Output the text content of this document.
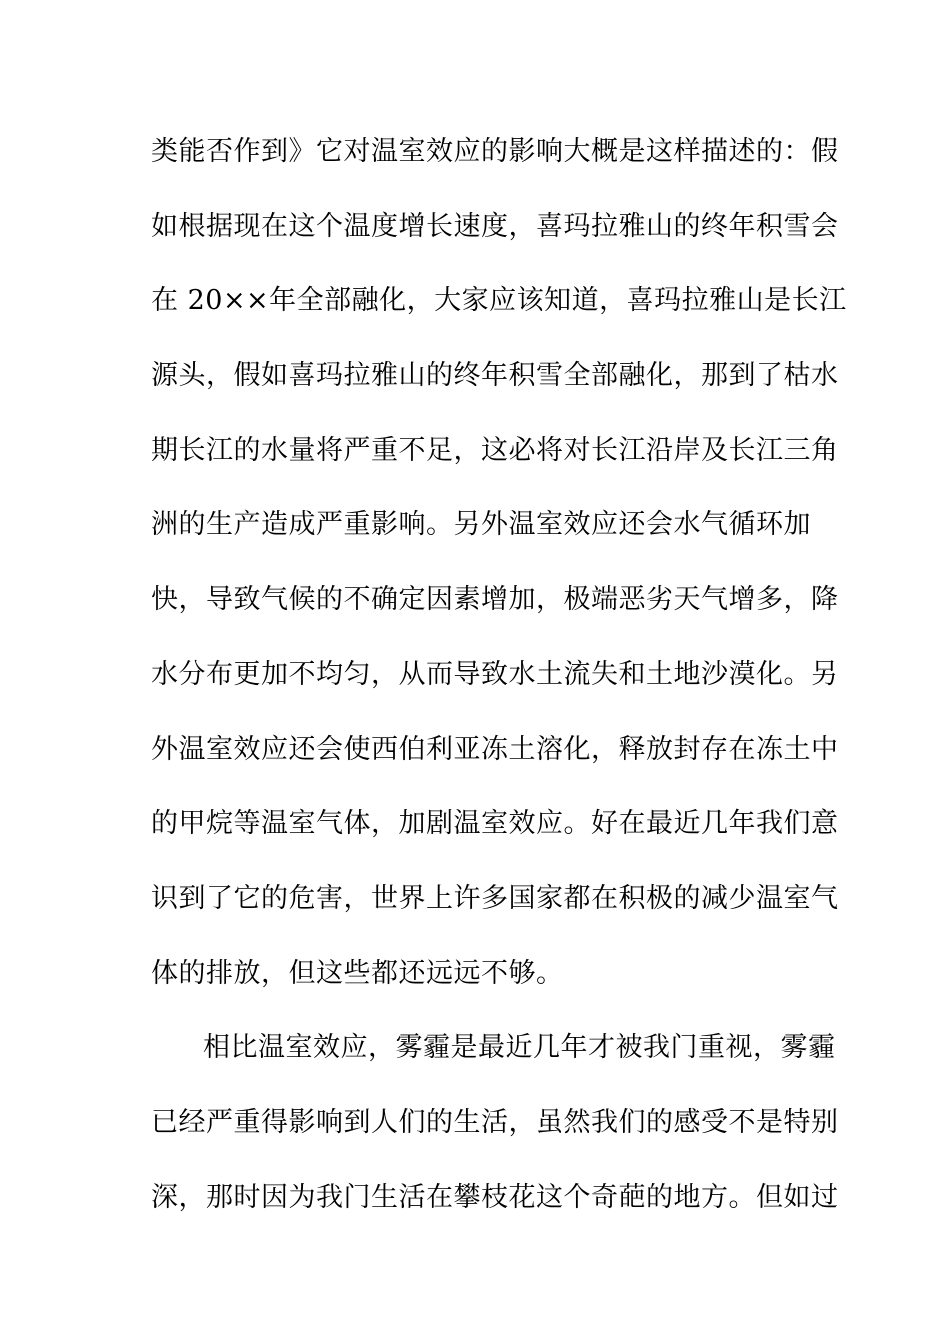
类能否作到》它对温室效应的影响大概是这样描述的：假
如根据现在这个温度增长速度，喜玛拉雅山的终年积雪会
在 20××年全部融化，大家应该知道，喜玛拉雅山是长江
源头，假如喜玛拉雅山的终年积雪全部融化，那到了枯水
期长江的水量将严重不足，这必将对长江沿岸及长江三角
洲的生产造成严重影响。另外温室效应还会水气循环加
快，导致气候的不确定因素增加，极端恶劣天气增多，降
水分布更加不均匀，从而导致水土流失和土地沙漠化。另
外温室效应还会使西伯利亚冻土溶化，释放封存在冻土中
的甲烷等温室气体，加剧温室效应。好在最近几年我们意
识到了它的危害，世界上许多国家都在积极的减少温室气
体的排放，但这些都还远远不够。
相比温室效应，雾霾是最近几年才被我门重视，雾霾
已经严重得影响到人们的生活，虽然我们的感受不是特别
深，那时因为我门生活在攀枝花这个奇葩的地方。但如过
